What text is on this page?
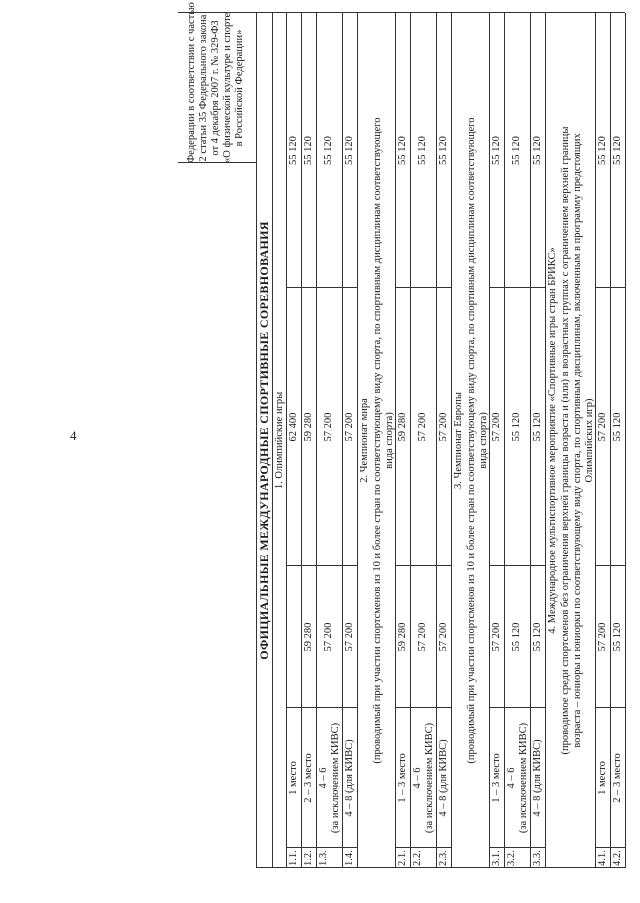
4
Федерации в соответствии с частью 2 статьи 35 Федерального закона от 4 декабря 2007 г. № 329-ФЗ «О физической культуре и спорте в Российской Федерации»
ОФИЦИАЛЬНЫЕ МЕЖДУНАРОДНЫЕ СПОРТИВНЫЕ СОРЕВНОВАНИЯ 1. Олимпийские игры
1.1.
1 место
62 400
55 120
1.2.
2 – 3 место
59 280
59 280
55 120
1.3.
4 – 6 (за исключением КИВС)
57 200
57 200
55 120
1.4.
4 – 8 (для КИВС)
57 200
57 200
55 120
2. Чемпионат мира (проводимый при участии спортсменов из 10 и более стран по соответствующему виду спорта, по спортивным дисциплинам соответствующего вида спорта)
2.1.
1 – 3 место
59 280
59 280
55 120
2.2.
4 – 6 (за исключением КИВС)
57 200
57 200
55 120
2.3.
4 – 8 (для КИВС)
57 200
57 200
55 120
3. Чемпионат Европы (проводимый при участии спортсменов из 10 и более стран по соответствующему виду спорта, по спортивным дисциплинам соответствующего вида спорта)
3.1.
1 – 3 место
57 200
57 200
55 120
3.2.
4 – 6 (за исключением КИВС)
55 120
55 120
55 120
3.3.
4 – 8 (для КИВС)
55 120
55 120
55 120
4. Международное мультиспортивное мероприятие «Спортивные игры стран БРИКС» (проводимое среди спортсменов без ограничения верхней границы возраста и (или) в возрастных группах с ограничением верхней границы возраста – юниоры и юниорки по соответствующему виду спорта, по спортивным дисциплинам, включенным в программу предстоящих Олимпийских игр)
4.1.
1 место
57 200
57 200
55 120
4.2.
2 – 3 место
55 120
55 120
55 120
